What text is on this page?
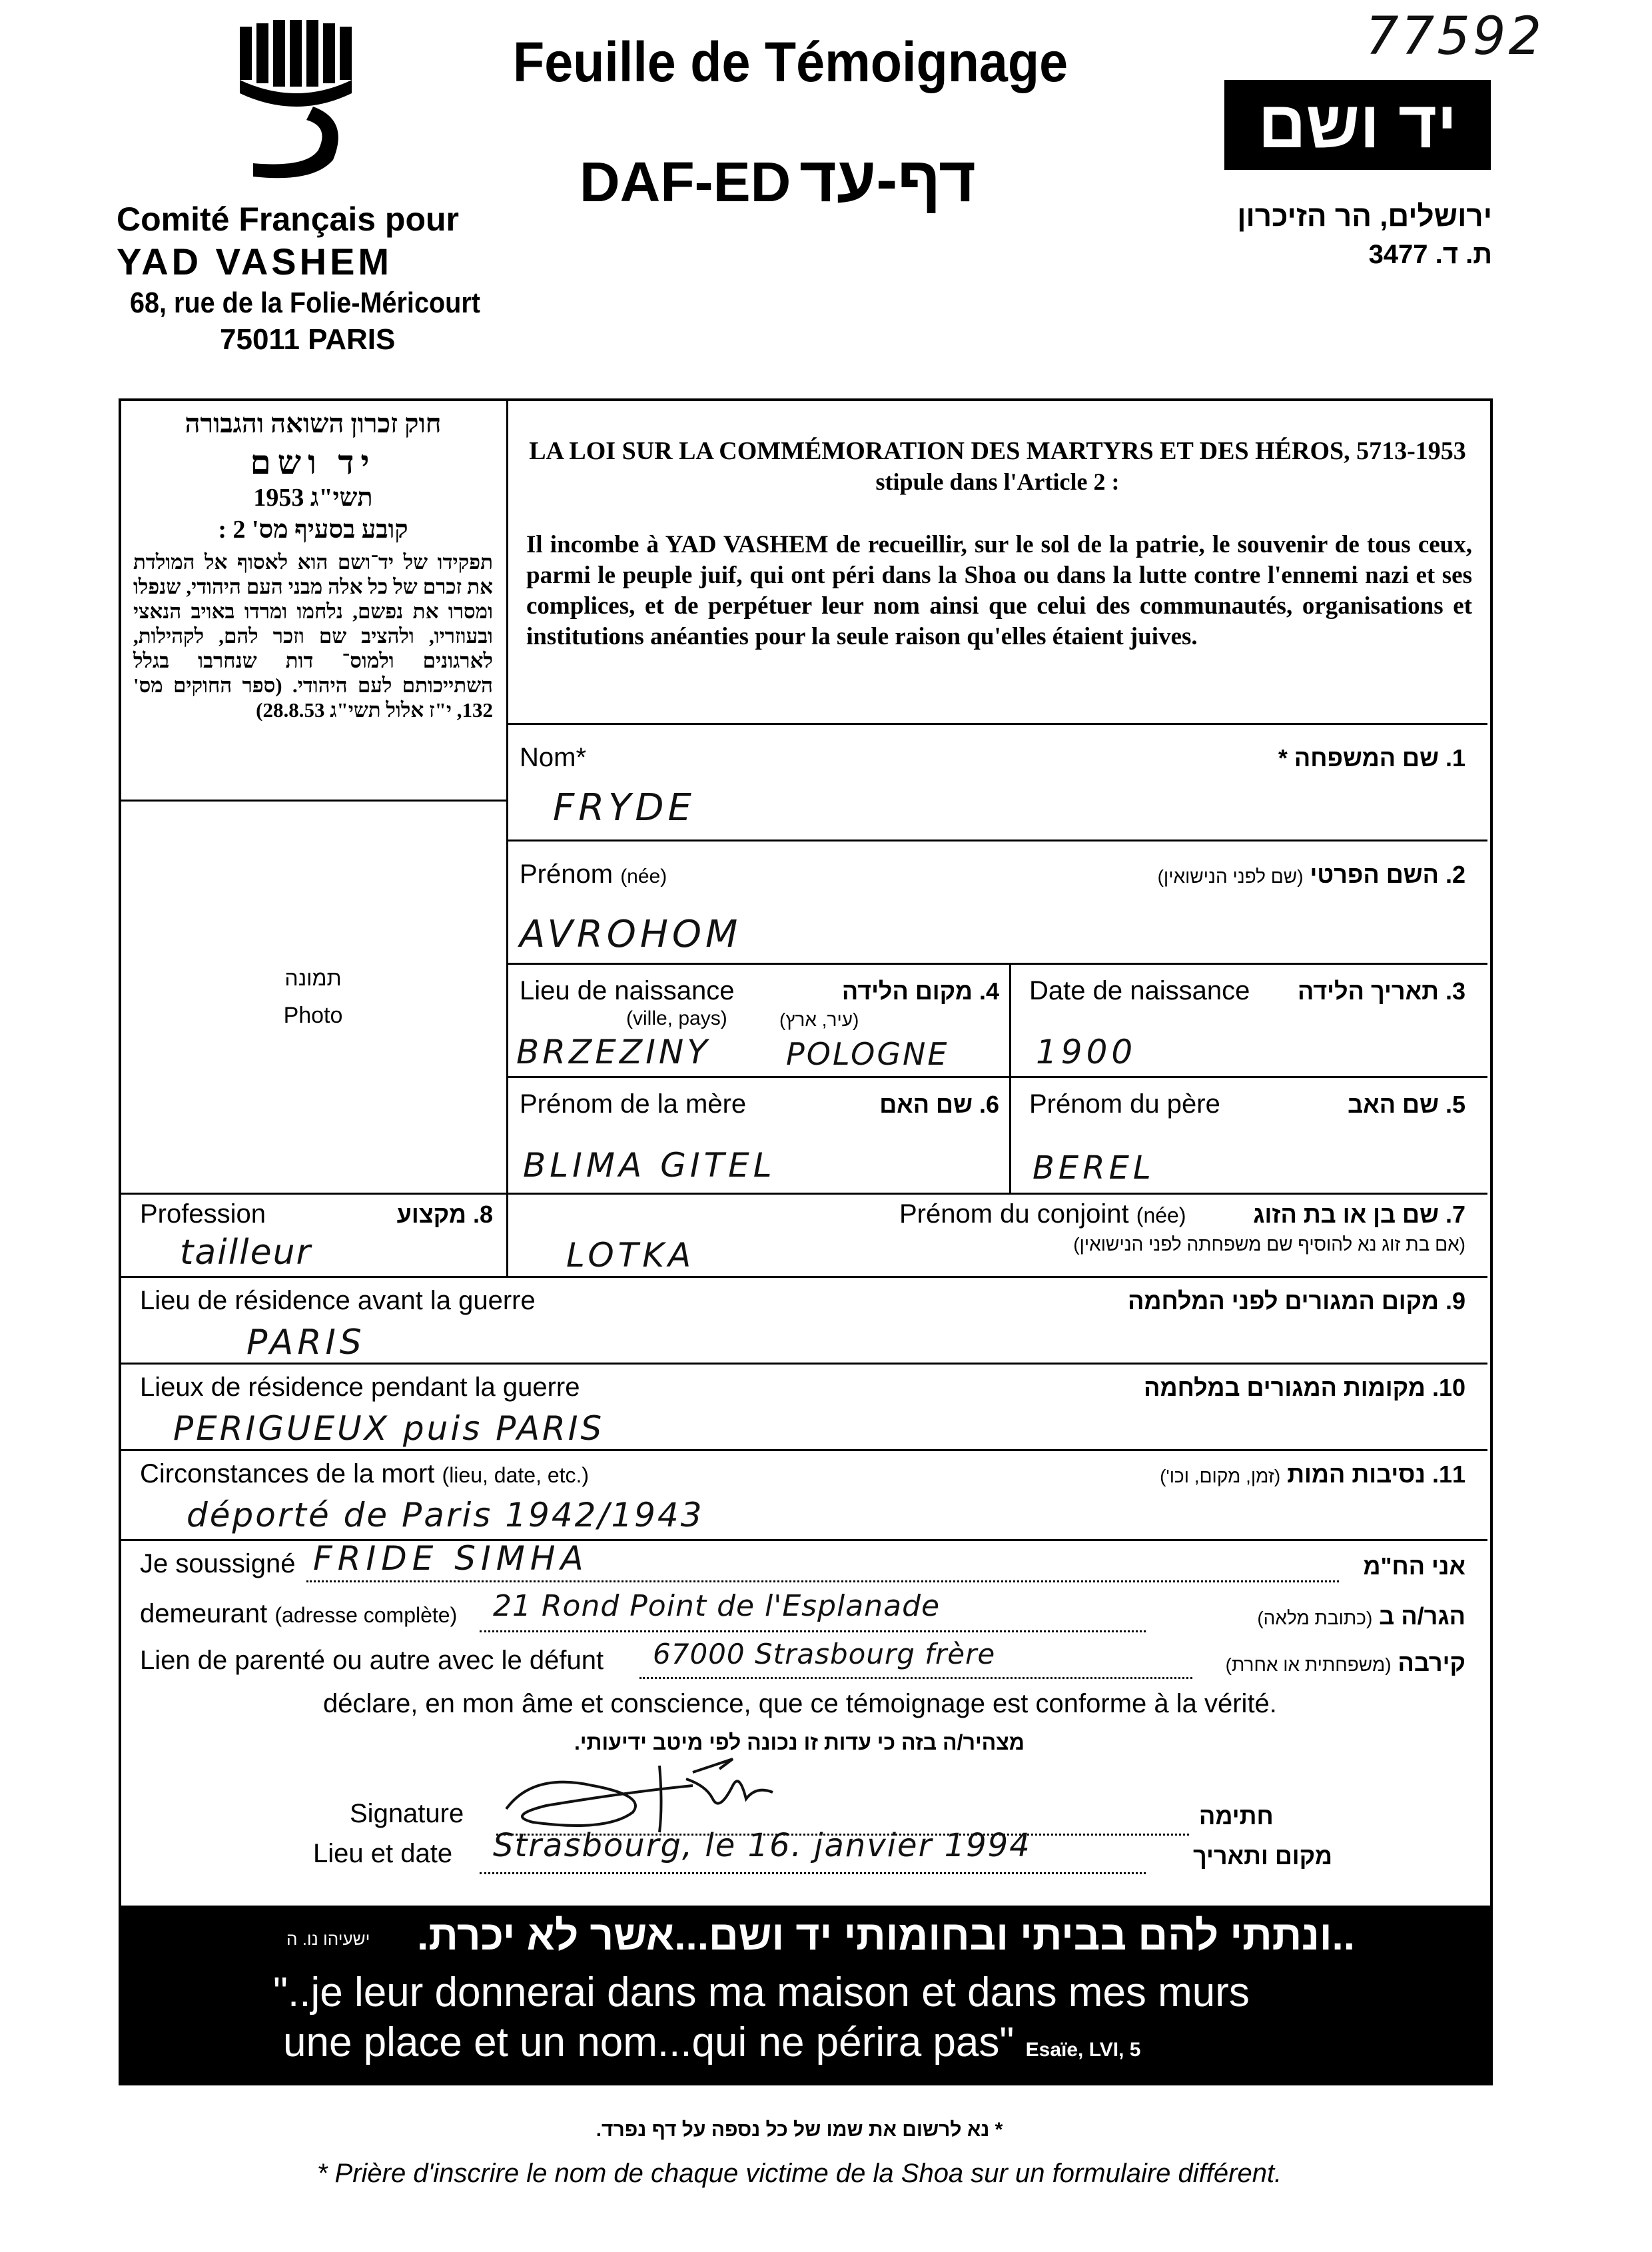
77592
Comité Français pour
YAD VASHEM
68, rue de la Folie-Méricourt
75011 PARIS
Feuille de Témoignage
DAF-ED דף-עד
יד ושם
ירושלים, הר הזיכרון
ת. ד. 3477
חוק זכרון השואה והגבורה
יד ושם
תשי"ג 1953
קובע בסעיף מס' 2 :
תפקידו של יד־ושם הוא לאסוף אל המולדת את זכרם של כל אלה מבני העם היהודי, שנפלו ומסרו את נפשם, נלחמו ומרדו באויב הנאצי ובעוזריו, ולהציב שם וזכר להם, לקהילות, לארגונים ולמוס־ דות שנחרבו בגלל השתייכותם לעם היהודי. (ספר החוקים מס' 132, י"ז אלול תשי"ג 28.8.53)
LA LOI SUR LA COMMÉMORATION DES MARTYRS ET DES HÉROS, 5713-1953
stipule dans l'Article 2 :
Il incombe à YAD VASHEM de recueillir, sur le sol de la patrie, le souvenir de tous ceux, parmi le peuple juif, qui ont péri dans la Shoa ou dans la lutte contre l'ennemi nazi et ses complices, et de perpétuer leur nom ainsi que celui des communautés, organisations et institutions anéanties pour la seule raison qu'elles étaient juives.
תמונה
Photo
Nom*	1. שם המשפחה *
FRYDE
Prénom (née)	2. השם הפרטי (שם לפני הנישואין)
AVROHOM
Lieu de naissance
(ville, pays)
4. מקום הלידה
(עיר, ארץ)
BRZEZINY POLOGNE
Date de naissance	3. תאריך הלידה
1900
Prénom de la mère	6. שם האם
BLIMA GITEL
Prénom du père	5. שם האב
BEREL
Profession	8. מקצוע
tailleur
Prénom du conjoint (née)	7. שם בן או בת הזוג
(אם בת זוג נא להוסיף שם משפחתה לפני הנישואין)
LOTKA
Lieu de résidence avant la guerre	9. מקום המגורים לפני המלחמה
PARIS
Lieux de résidence pendant la guerre	10. מקומות המגורים במלחמה
PERIGUEUX puis PARIS
Circonstances de la mort (lieu, date, etc.)	11. נסיבות המות (זמן, מקום, וכו')
déporté de Paris 1942/1943
Je soussigné FRIDE SIMHA	אני הח"מ
demeurant (adresse complète) 21 Rond Point de l'Esplanade	הגר/ה ב (כתובת מלאה)
Lien de parenté ou autre avec le défunt 67000 Strasbourg frère	קירבה (משפחתית או אחרת)
déclare, en mon âme et conscience, que ce témoignage est conforme à la vérité.
מצהיר/ה בזה כי עדות זו נכונה לפי מיטב ידיעותי.
Signature	חתימה
Lieu et date Strasbourg, le 16. janvier 1994	מקום ותאריך
ישעיהו נו. ה ..ונתתי להם בביתי ובחומותי יד ושם...אשר לא יכרת.
"..je leur donnerai dans ma maison et dans mes murs
une place et un nom...qui ne périra pas" Esaïe, LVI, 5
* נא לרשום את שמו של כל נספה על דף נפרד.
* Prière d'inscrire le nom de chaque victime de la Shoa sur un formulaire différent.
